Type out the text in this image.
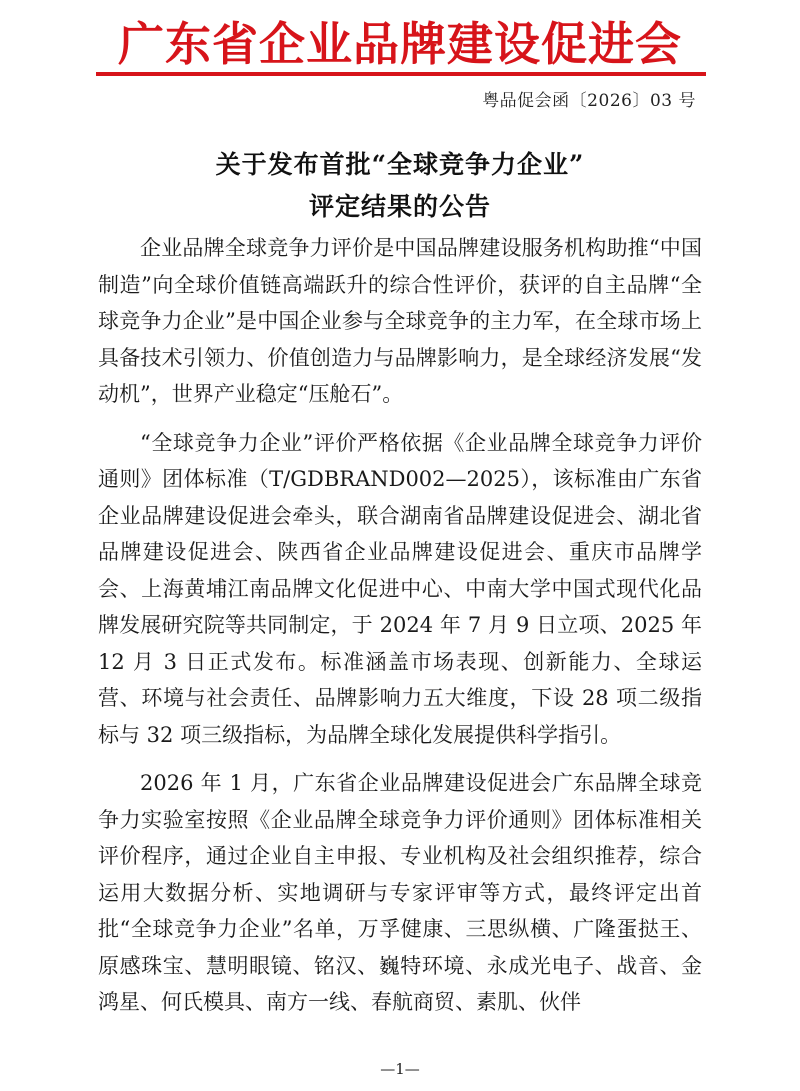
广东省企业品牌建设促进会
粤品促会函〔2026〕03 号
关于发布首批“全球竞争力企业”
评定结果的公告

企业品牌全球竞争力评价是中国品牌建设服务机构助推“中国制造”向全球价值链高端跃升的综合性评价，获评的自主品牌“全球竞争力企业”是中国企业参与全球竞争的主力军，在全球市场上具备技术引领力、价值创造力与品牌影响力，是全球经济发展“发动机”，世界产业稳定“压舱石”。

“全球竞争力企业”评价严格依据《企业品牌全球竞争力评价通则》团体标准（T/GDBRAND002—2025），该标准由广东省企业品牌建设促进会牵头，联合湖南省品牌建设促进会、湖北省品牌建设促进会、陕西省企业品牌建设促进会、重庆市品牌学会、上海黄埔江南品牌文化促进中心、中南大学中国式现代化品牌发展研究院等共同制定，于 2024 年 7 月 9 日立项、2025 年 12 月 3 日正式发布。标准涵盖市场表现、创新能力、全球运营、环境与社会责任、品牌影响力五大维度，下设 28 项二级指标与 32 项三级指标，为品牌全球化发展提供科学指引。

2026 年 1 月，广东省企业品牌建设促进会广东品牌全球竞争力实验室按照《企业品牌全球竞争力评价通则》团体标准相关评价程序，通过企业自主申报、专业机构及社会组织推荐，综合运用大数据分析、实地调研与专家评审等方式，最终评定出首批“全球竞争力企业”名单，万孚健康、三思纵横、广隆蛋挞王、原感珠宝、慧明眼镜、铭汉、巍特环境、永成光电子、战音、金鸿星、何氏模具、南方一线、春航商贸、素肌、伙伴

—1—
